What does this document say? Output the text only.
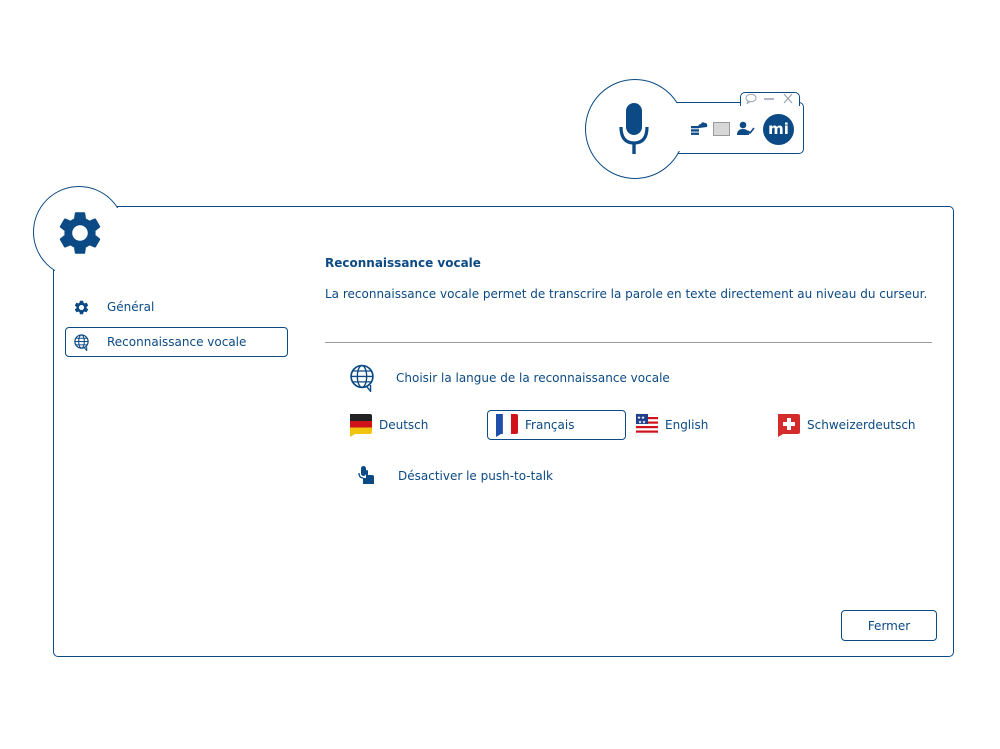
mi
Général
Reconnaissance vocale
Reconnaissance vocale
La reconnaissance vocale permet de transcrire la parole en texte directement au niveau du curseur.
Choisir la langue de la reconnaissance vocale
Deutsch	Français	★★
★★ English	Schweizerdeutsch
Désactiver le push-to-talk
Fermer
